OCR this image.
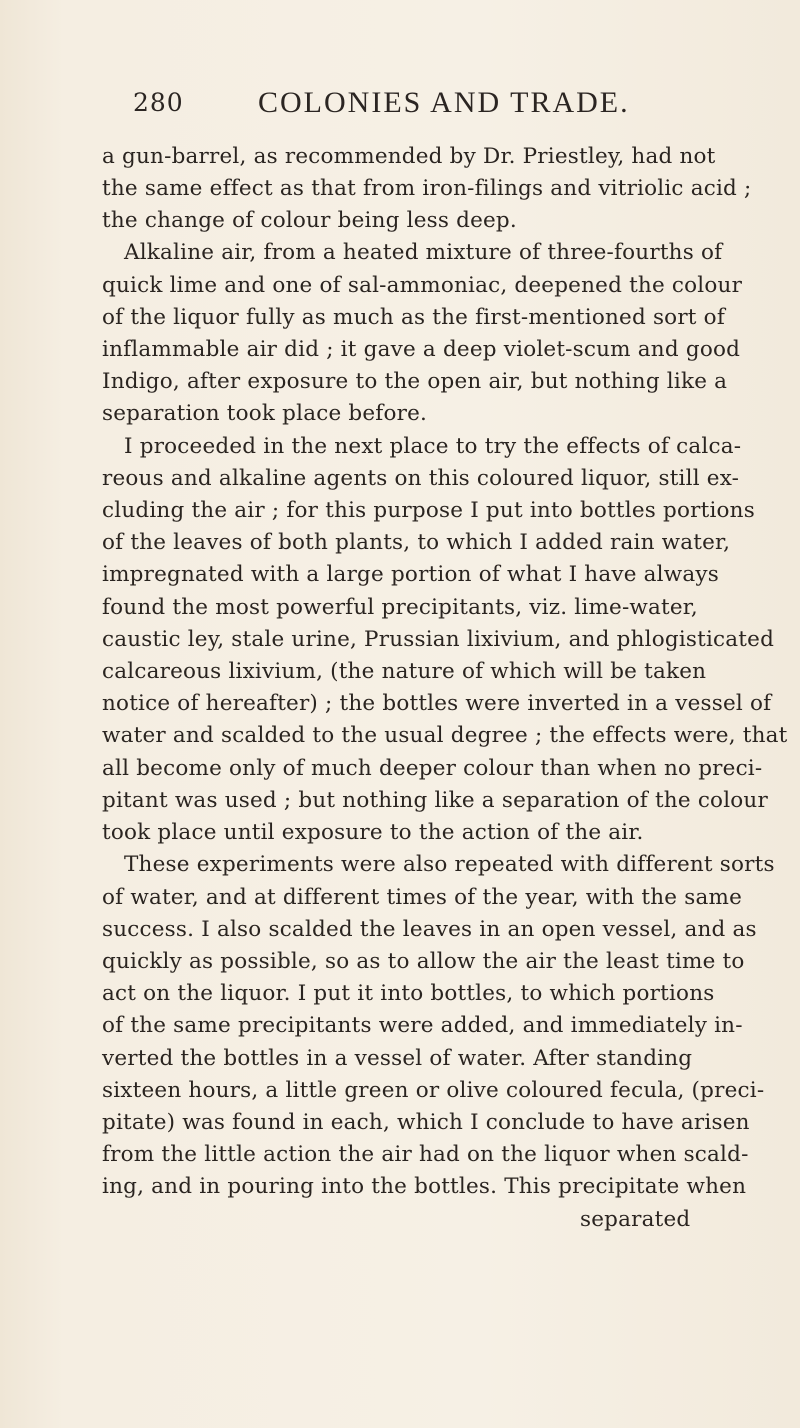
280 COLONIES AND TRADE.
a gun-barrel, as recommended by Dr. Priestley, had not
the same effect as that from iron-filings and vitriolic acid ;
the change of colour being less deep.
Alkaline air, from a heated mixture of three-fourths of
quick lime and one of sal-ammoniac, deepened the colour
of the liquor fully as much as the first-mentioned sort of
inflammable air did ; it gave a deep violet-scum and good
Indigo, after exposure to the open air, but nothing like a
separation took place before.
I proceeded in the next place to try the effects of calca-
reous and alkaline agents on this coloured liquor, still ex-
cluding the air ; for this purpose I put into bottles portions
of the leaves of both plants, to which I added rain water,
impregnated with a large portion of what I have always
found the most powerful precipitants, viz. lime-water,
caustic ley, stale urine, Prussian lixivium, and phlogisticated
calcareous lixivium, (the nature of which will be taken
notice of hereafter) ; the bottles were inverted in a vessel of
water and scalded to the usual degree ; the effects were, that
all become only of much deeper colour than when no preci-
pitant was used ; but nothing like a separation of the colour
took place until exposure to the action of the air.
These experiments were also repeated with different sorts
of water, and at different times of the year, with the same
success. I also scalded the leaves in an open vessel, and as
quickly as possible, so as to allow the air the least time to
act on the liquor. I put it into bottles, to which portions
of the same precipitants were added, and immediately in-
verted the bottles in a vessel of water. After standing
sixteen hours, a little green or olive coloured fecula, (preci-
pitate) was found in each, which I conclude to have arisen
from the little action the air had on the liquor when scald-
ing, and in pouring into the bottles. This precipitate when
separated
